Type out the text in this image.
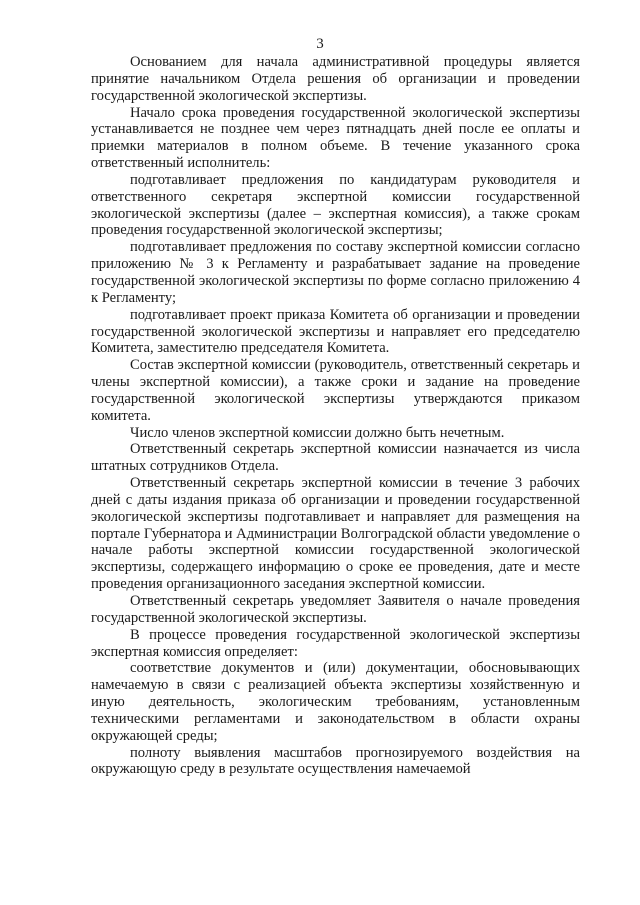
3

Основанием для начала административной процедуры является принятие начальником Отдела решения об организации и проведении государственной экологической экспертизы.

Начало срока проведения государственной экологической экспертизы устанавливается не позднее чем через пятнадцать дней после ее оплаты и приемки материалов в полном объеме. В течение указанного срока ответственный исполнитель:

подготавливает предложения по кандидатурам руководителя и ответственного секретаря экспертной комиссии государственной экологической экспертизы (далее – экспертная комиссия), а также срокам проведения государственной экологической экспертизы;

подготавливает предложения по составу экспертной комиссии согласно приложению № 3 к Регламенту и разрабатывает задание на проведение государственной экологической экспертизы по форме согласно приложению 4 к Регламенту;

подготавливает проект приказа Комитета об организации и проведении государственной экологической экспертизы и направляет его председателю Комитета, заместителю председателя Комитета.

Состав экспертной комиссии (руководитель, ответственный секретарь и члены экспертной комиссии), а также сроки и задание на проведение государственной экологической экспертизы утверждаются приказом комитета.

Число членов экспертной комиссии должно быть нечетным.

Ответственный секретарь экспертной комиссии назначается из числа штатных сотрудников Отдела.

Ответственный секретарь экспертной комиссии в течение 3 рабочих дней с даты издания приказа об организации и проведении государственной экологической экспертизы подготавливает и направляет для размещения на портале Губернатора и Администрации Волгоградской области уведомление о начале работы экспертной комиссии государственной экологической экспертизы, содержащего информацию о сроке ее проведения, дате и месте проведения организационного заседания экспертной комиссии.

Ответственный секретарь уведомляет Заявителя о начале проведения государственной экологической экспертизы.

В процессе проведения государственной экологической экспертизы экспертная комиссия определяет:

соответствие документов и (или) документации, обосновывающих намечаемую в связи с реализацией объекта экспертизы хозяйственную и иную деятельность, экологическим требованиям, установленным техническими регламентами и законодательством в области охраны окружающей среды;

полноту выявления масштабов прогнозируемого воздействия на окружающую среду в результате осуществления намечаемой
